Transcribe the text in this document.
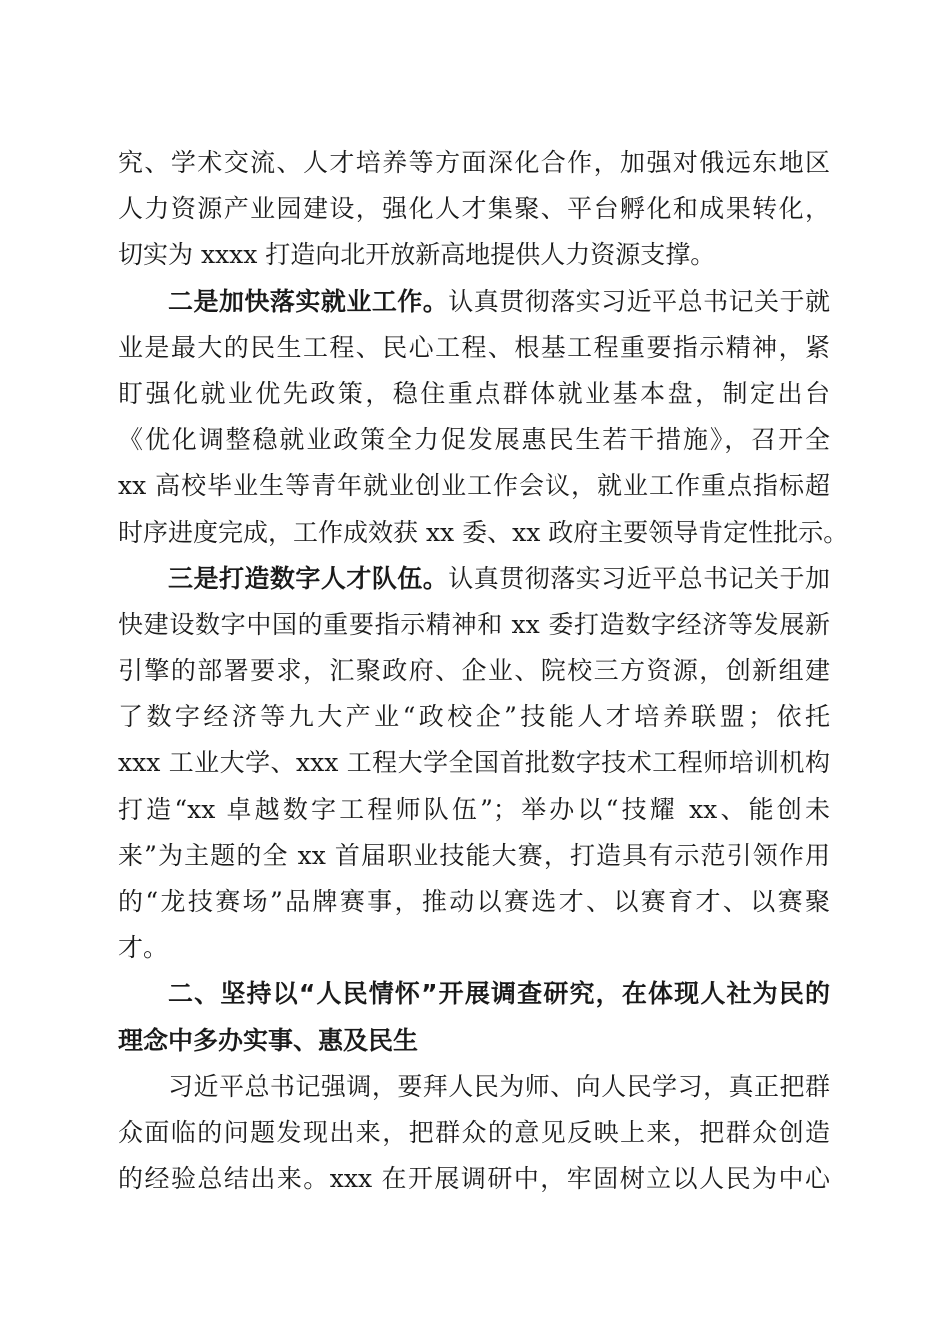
究、学术交流、人才培养等方面深化合作，加强对俄远东地区
人力资源产业园建设，强化人才集聚、平台孵化和成果转化，
切实为 xxxx 打造向北开放新高地提供人力资源支撑。
二是加快落实就业工作。认真贯彻落实习近平总书记关于就
业是最大的民生工程、民心工程、根基工程重要指示精神，紧
盯强化就业优先政策，稳住重点群体就业基本盘，制定出台
《优化调整稳就业政策全力促发展惠民生若干措施》，召开全
xx 高校毕业生等青年就业创业工作会议，就业工作重点指标超
时序进度完成，工作成效获 xx 委、xx 政府主要领导肯定性批示。
三是打造数字人才队伍。认真贯彻落实习近平总书记关于加
快建设数字中国的重要指示精神和 xx 委打造数字经济等发展新
引擎的部署要求，汇聚政府、企业、院校三方资源，创新组建
了数字经济等九大产业“政校企”技能人才培养联盟；依托
xxx 工业大学、xxx 工程大学全国首批数字技术工程师培训机构
打造“xx 卓越数字工程师队伍”；举办以“技耀 xx、能创未
来”为主题的全 xx 首届职业技能大赛，打造具有示范引领作用
的“龙技赛场”品牌赛事，推动以赛选才、以赛育才、以赛聚
才。
二、坚持以“人民情怀”开展调查研究，在体现人社为民的
理念中多办实事、惠及民生
习近平总书记强调，要拜人民为师、向人民学习，真正把群
众面临的问题发现出来，把群众的意见反映上来，把群众创造
的经验总结出来。xxx 在开展调研中，牢固树立以人民为中心
